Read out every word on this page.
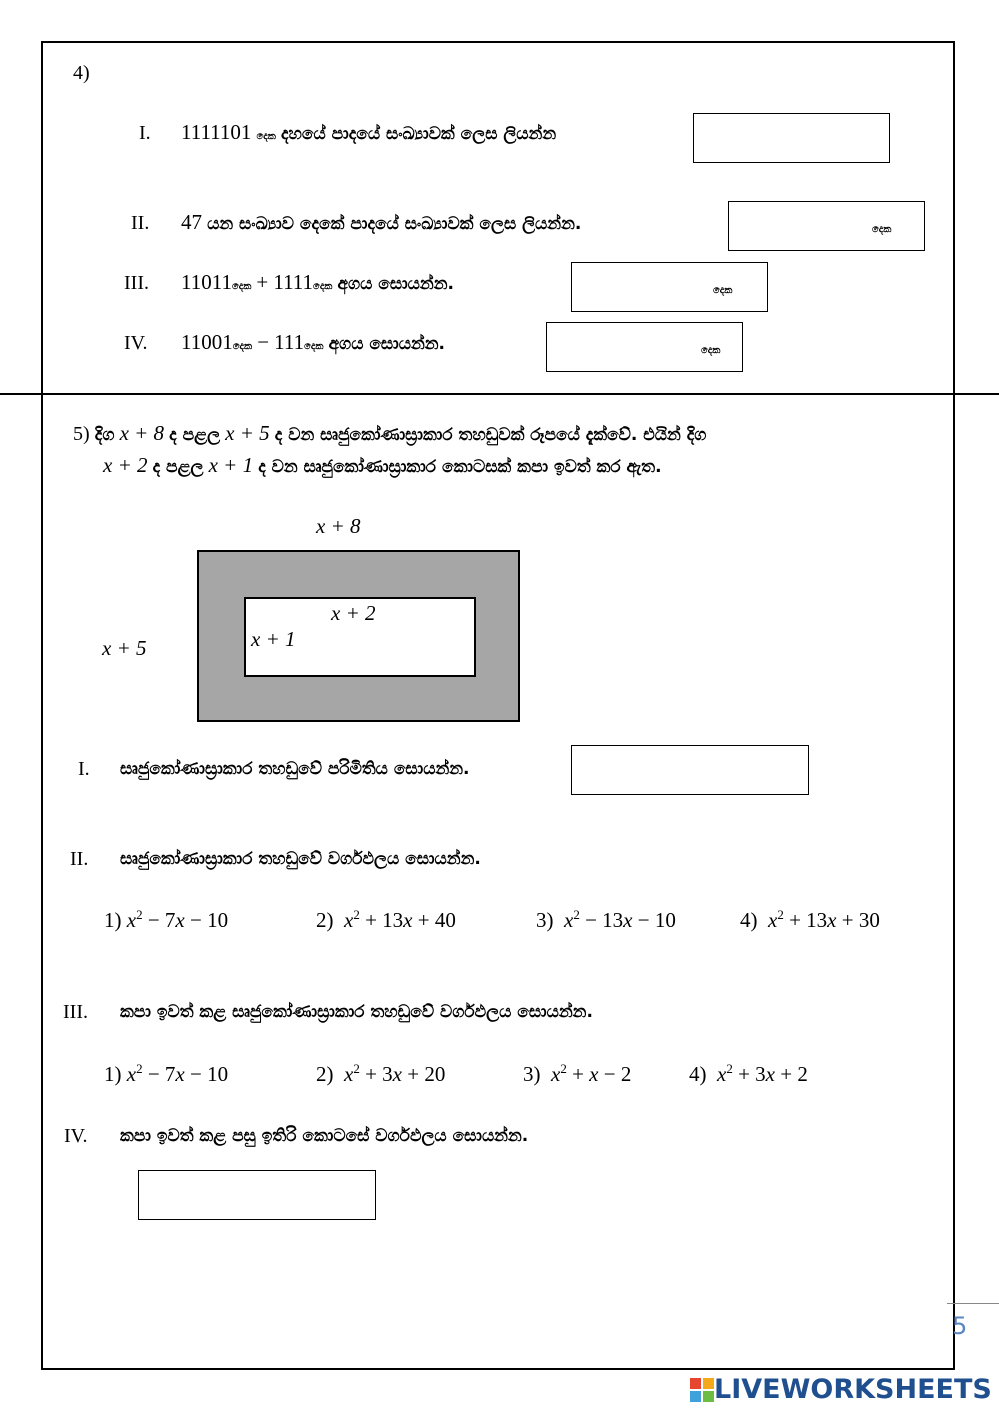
4)
I. 1111101 දෙක දහයේ පාදයේ සංඛ්‍යාවක් ලෙස ලියන්න
II. 47 යන සංඛ්‍යාව දෙකේ පාදයේ සංඛ්‍යාවක් ලෙස ලියන්න.	දෙක
III. 11011දෙක + 1111දෙක අගය සොයන්න.	දෙක
IV. 11001දෙක − 111දෙක අගය සොයන්න.	දෙක
5) දිග x + 8 ද පළල x + 5 ද වන සෘජුකෝණාස්‍රාකාර තහඩුවක් රූපයේ දැක්වේ. එයින් දිග
x + 2 ද පළල x + 1 ද වන සෘජුකෝණාස්‍රාකාර කොටසක් කපා ඉවත් කර ඇත.
x + 8
x + 5
x + 2
x + 1
I. සෘජුකෝණාස්‍රාකාර තහඩුවේ පරිමිතිය සොයන්න.
II. සෘජුකෝණාස්‍රාකාර තහඩුවේ වර්ගඵලය සොයන්න.
1) $x^2 - 7x - 10$	2)  $x^2 + 13x + 40$	3)  $x^2 - 13x - 10$	4)  $x^2 + 13x + 30$
III. කපා ඉවත් කළ සෘජුකෝණාස්‍රාකාර තහඩුවේ වර්ගඵලය සොයන්න.
1) $x^2 - 7x - 10$	2)  $x^2 + 3x + 20$	3)  $x^2 + x - 2$	4)  $x^2 + 3x + 2$
IV. කපා ඉවත් කළ පසු ඉතිරි කොටසේ වර්ගඵලය සොයන්න.
5
LIVEWORKSHEETS
